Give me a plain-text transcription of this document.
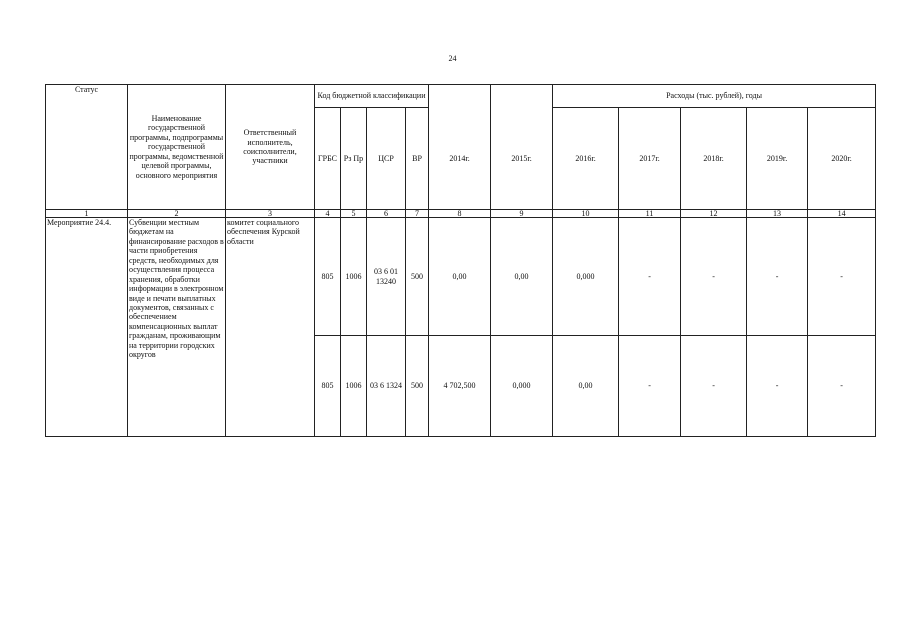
24
Статус	Наименование государственной программы, подпрограммы государственной программы, ведомственной целевой программы, основного мероприятия	Ответственный исполнитель, соисполнители, участники	Код бюджетной классификации						Расходы (тыс. рублей), годы				
			ГРБС	Рз Пр	ЦСР	ВР	2014г.	2015г.	2016г.	2017г.	2018г.	2019г.	2020г.
1	2	3	4	5	6	7	8	9	10	11	12	13	14
Мероприятие 24.4.	Субвенции местным бюджетам на финансирование расходов в части приобретения средств, необходимых для осуществления процесса хранения, обработки информации в электронном виде и печати выплатных документов, связанных с обеспечением компенсационных выплат гражданам, проживающим на территории городских округов	комитет социального обеспечения Курской области	805	1006	03 6 01 13240	500	0,00	0,00	0,000	-	-	-	-
			805	1006	03 6 1324	500	4 702,500	0,000	0,00	-	-	-	-
